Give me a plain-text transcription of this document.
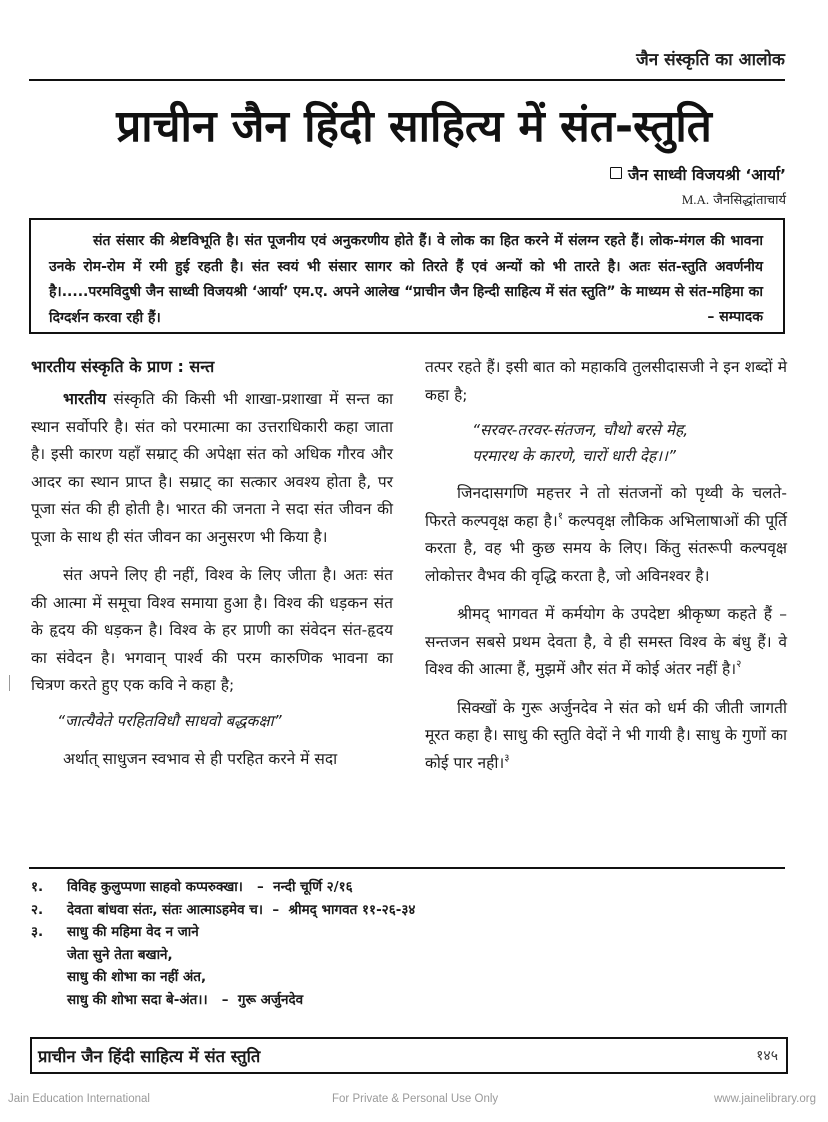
जैन संस्कृति का आलोक
प्राचीन जैन हिंदी साहित्य में संत-स्तुति
जैन साध्वी विजयश्री ‘आर्या’
M.A. जैनसिद्धांताचार्य

संत संसार की श्रेष्टविभूति है। संत पूजनीय एवं अनुकरणीय होते हैं। वे लोक का हित करने में संलग्न रहते हैं। लोक-मंगल की भावना उनके रोम-रोम में रमी हुई रहती है। संत स्वयं भी संसार सागर को तिरते हैं एवं अन्यों को भी तारते है। अतः संत-स्तुति अवर्णनीय है।.....परमविदुषी जैन साध्वी विजयश्री ‘आर्या’ एम.ए. अपने आलेख “प्राचीन जैन हिन्दी साहित्य में संत स्तुति” के माध्यम से संत-महिमा का दिग्दर्शन करवा रही हैं।	– सम्पादक
भारतीय संस्कृति के प्राण : सन्त

भारतीय संस्कृति की किसी भी शाखा-प्रशाखा में सन्त का स्थान सर्वोपरि है। संत को परमात्मा का उत्तराधिकारी कहा जाता है। इसी कारण यहाँ सम्राट् की अपेक्षा संत को अधिक गौरव और आदर का स्थान प्राप्त है। सम्राट् का सत्कार अवश्य होता है, पर पूजा संत की ही होती है। भारत की जनता ने सदा संत जीवन की पूजा के साथ ही संत जीवन का अनुसरण भी किया है।

संत अपने लिए ही नहीं, विश्व के लिए जीता है। अतः संत की आत्मा में समूचा विश्व समाया हुआ है। विश्व की धड़कन संत के हृदय की धड़कन है। विश्व के हर प्राणी का संवेदन संत-हृदय का संवेदन है। भगवान् पार्श्व की परम कारुणिक भावना का चित्रण करते हुए एक कवि ने कहा है;

“जात्यैवेते परहितविधौ साधवो बद्धकक्षा”

अर्थात् साधुजन स्वभाव से ही परहित करने में सदा

तत्पर रहते हैं। इसी बात को महाकवि तुलसीदासजी ने इन शब्दों मे कहा है;

“सरवर-तरवर-संतजन, चौथो बरसे मेह,
परमारथ के कारणे, चारों धारी देह।।”

जिनदासगणि महत्तर ने तो संतजनों को पृथ्वी के चलते-फिरते कल्पवृक्ष कहा है।$^१$ कल्पवृक्ष लौकिक अभिलाषाओं की पूर्ति करता है, वह भी कुछ समय के लिए। किंतु संतरूपी कल्पवृक्ष लोकोत्तर वैभव की वृद्धि करता है, जो अविनश्वर है।

श्रीमद् भागवत में कर्मयोग के उपदेष्टा श्रीकृष्ण कहते हैं – सन्तजन सबसे प्रथम देवता है, वे ही समस्त विश्व के बंधु हैं। वे विश्व की आत्मा हैं, मुझमें और संत में कोई अंतर नहीं है।$^२$

सिक्खों के गुरू अर्जुनदेव ने संत को धर्म की जीती जागती मूरत कहा है। साधु की स्तुति वेदों ने भी गायी है। साधु के गुणों का कोई पार नही।$^३$

१.	विविह कुलुप्पणा साहवो कप्परुक्खा।   –  नन्दी चूर्णि २/१६
२.	देवता बांधवा संतः, संतः आत्माऽहमेव च।  –  श्रीमद् भागवत ११-२६-३४
३.	साधु की महिमा वेद न जाने
जेता सुने तेता बखाने,
साधु की शोभा का नहीं अंत,
साधु की शोभा सदा बे-अंत।।   –  गुरू अर्जुनदेव
प्राचीन जैन हिंदी साहित्य में संत स्तुति	१४५
Jain Education International	For Private & Personal Use Only	www.jainelibrary.org
